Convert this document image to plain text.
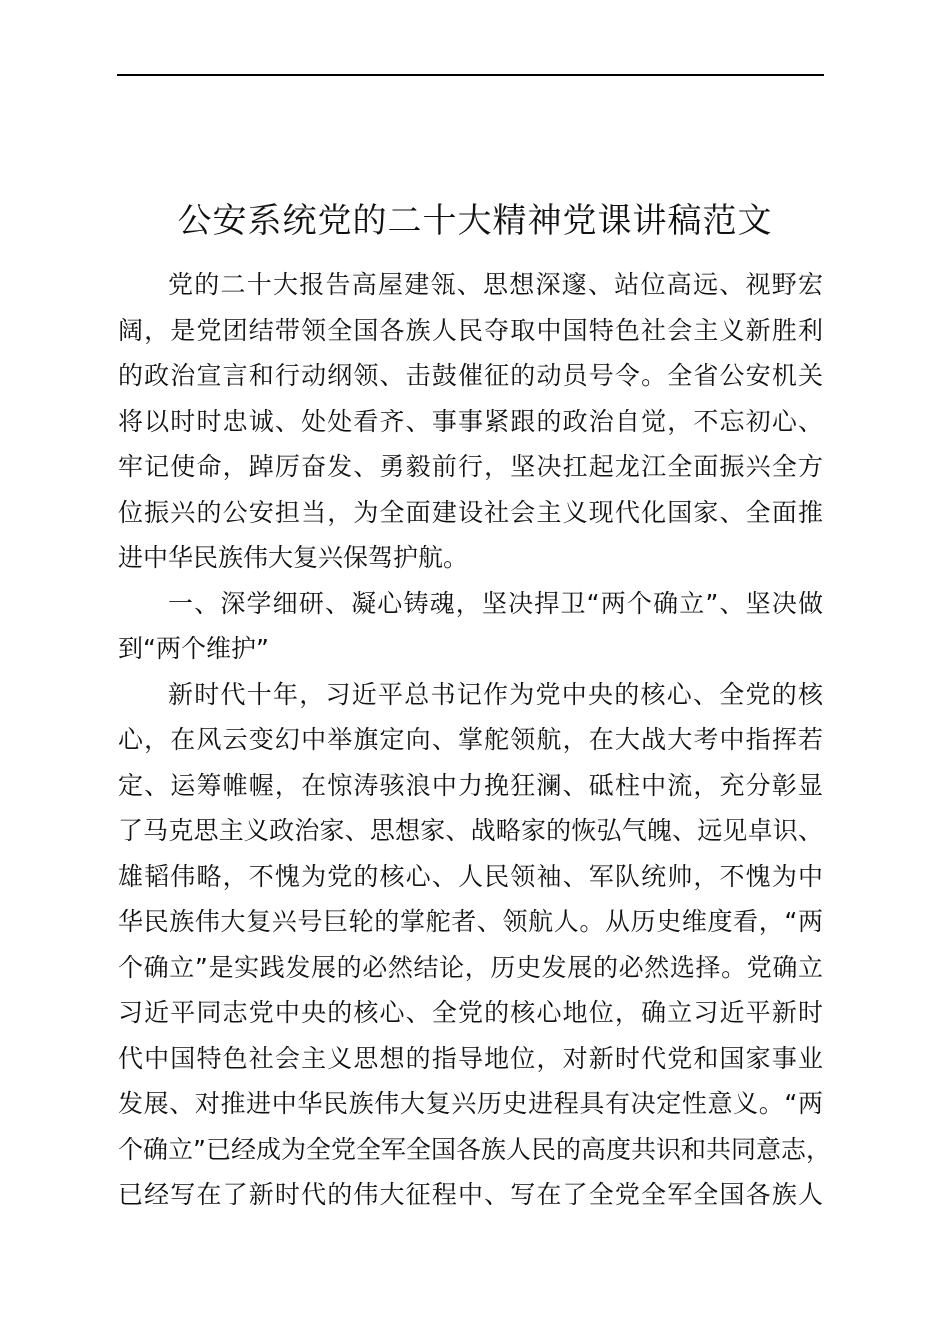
公安系统党的二十大精神党课讲稿范文
党的二十大报告高屋建瓴、思想深邃、站位高远、视野宏
阔，是党团结带领全国各族人民夺取中国特色社会主义新胜利
的政治宣言和行动纲领、击鼓催征的动员号令。全省公安机关
将以时时忠诚、处处看齐、事事紧跟的政治自觉，不忘初心、
牢记使命，踔厉奋发、勇毅前行，坚决扛起龙江全面振兴全方
位振兴的公安担当，为全面建设社会主义现代化国家、全面推
进中华民族伟大复兴保驾护航。
一、深学细研、凝心铸魂，坚决捍卫“两个确立”、坚决做
到“两个维护”
新时代十年，习近平总书记作为党中央的核心、全党的核
心，在风云变幻中举旗定向、掌舵领航，在大战大考中指挥若
定、运筹帷幄，在惊涛骇浪中力挽狂澜、砥柱中流，充分彰显
了马克思主义政治家、思想家、战略家的恢弘气魄、远见卓识、
雄韬伟略，不愧为党的核心、人民领袖、军队统帅，不愧为中
华民族伟大复兴号巨轮的掌舵者、领航人。从历史维度看，“两
个确立”是实践发展的必然结论，历史发展的必然选择。党确立
习近平同志党中央的核心、全党的核心地位，确立习近平新时
代中国特色社会主义思想的指导地位，对新时代党和国家事业
发展、对推进中华民族伟大复兴历史进程具有决定性意义。“两
个确立”已经成为全党全军全国各族人民的高度共识和共同意志，
已经写在了新时代的伟大征程中、写在了全党全军全国各族人
